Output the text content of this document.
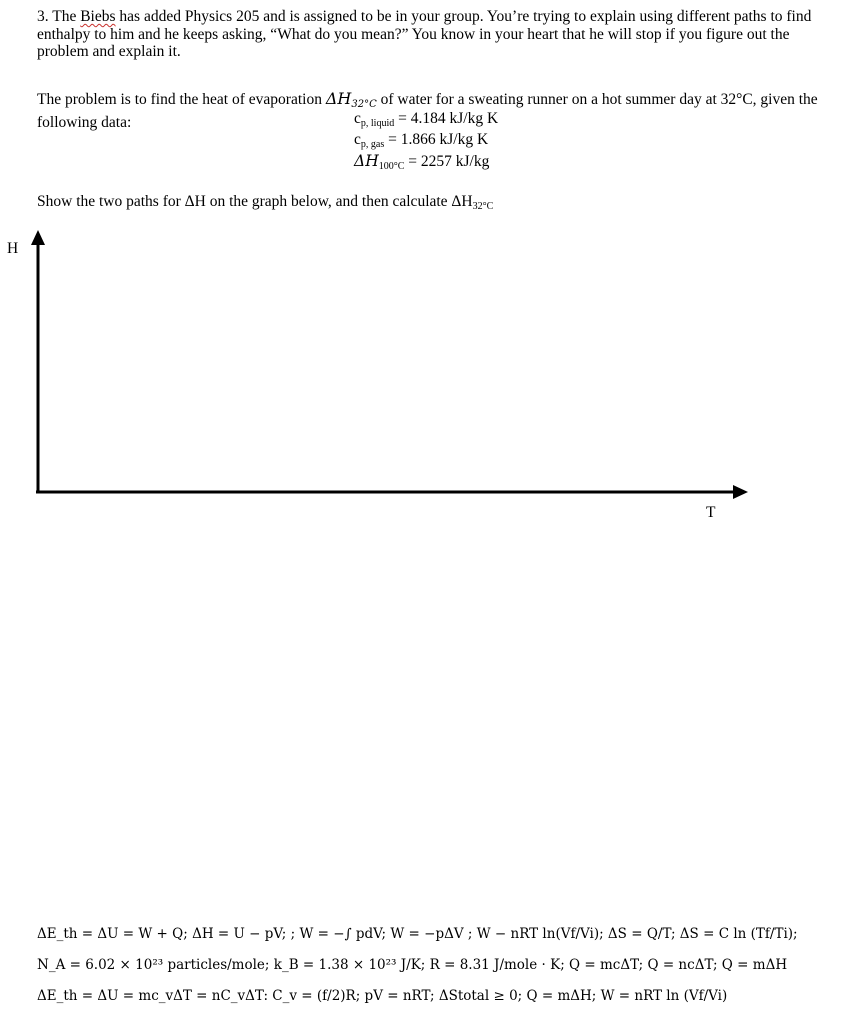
3. The Biebs has added Physics 205 and is assigned to be in your group. You’re trying to explain using different paths to find enthalpy to him and he keeps asking, “What do you mean?” You know in your heart that he will stop if you figure out the problem and explain it.

The problem is to find the heat of evaporation $\Delta H_{32^\circ C}$ of water for a sweating runner on a hot summer day at 32°C, given the following data:	$c_{p, liquid} = 4.184$ kJ/kg K
$c_{p, gas} = 1.866$ kJ/kg K
$\Delta H_{100^\circ C} = 2257$ kJ/kg
Show the two paths for ΔH on the graph below, and then calculate $\Delta H_{32^\circ C}$
H
T
ΔE_th = ΔU = W + Q; ΔH = U − pV; ; W = −∫ pdV; W = −pΔV ; W − nRT ln(Vf/Vi); ΔS = Q/T; ΔS = C ln (Tf/Ti);
N_A = 6.02 × 10²³ particles/mole; k_B = 1.38 × 10²³ J/K; R = 8.31 J/mole · K; Q = mcΔT; Q = ncΔT; Q = mΔH
ΔE_th = ΔU = mc_vΔT = nC_vΔT: C_v = (f/2)R; pV = nRT; ΔStotal ≥ 0; Q = mΔH; W = nRT ln (Vf/Vi)
